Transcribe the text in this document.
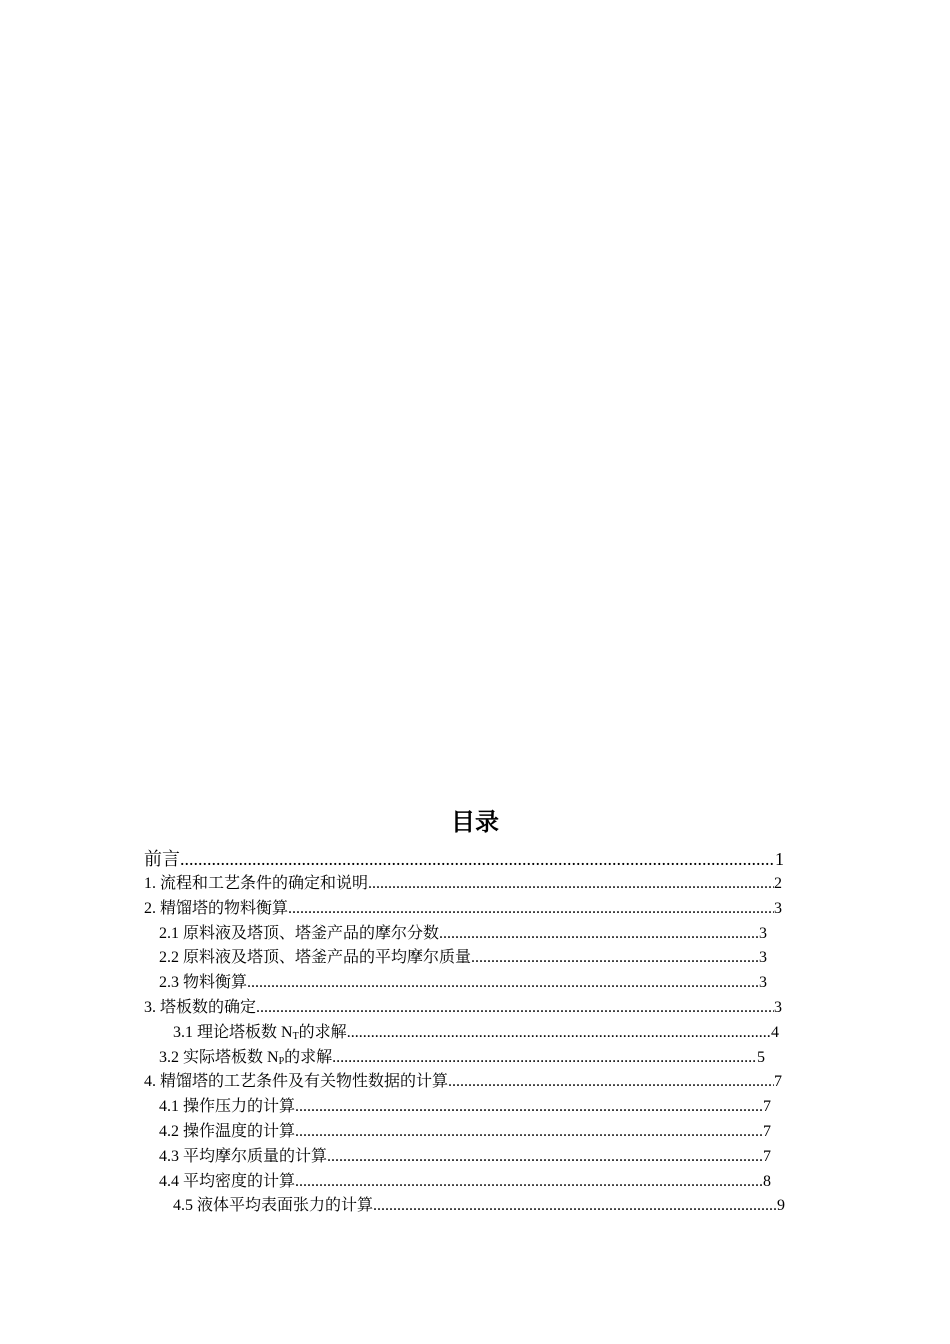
目录
前言 .....	1
1. 流程和工艺条件的确定和说明 .....	2
2. 精馏塔的物料衡算 .....	3
2.1 原料液及塔顶、塔釜产品的摩尔分数 .....	3
2.2 原料液及塔顶、塔釜产品的平均摩尔质量 .....	3
2.3 物料衡算 .....	3
3. 塔板数的确定 .....	3
3.1 理论塔板数 $N_T$的求解 .....	4
3.2 实际塔板数 $N_P$的求解 .....	5
4. 精馏塔的工艺条件及有关物性数据的计算 .....	7
4.1 操作压力的计算 .....	7
4.2 操作温度的计算 .....	7
4.3 平均摩尔质量的计算 .....	7
4.4 平均密度的计算 .....	8
4.5 液体平均表面张力的计算 .....	9
